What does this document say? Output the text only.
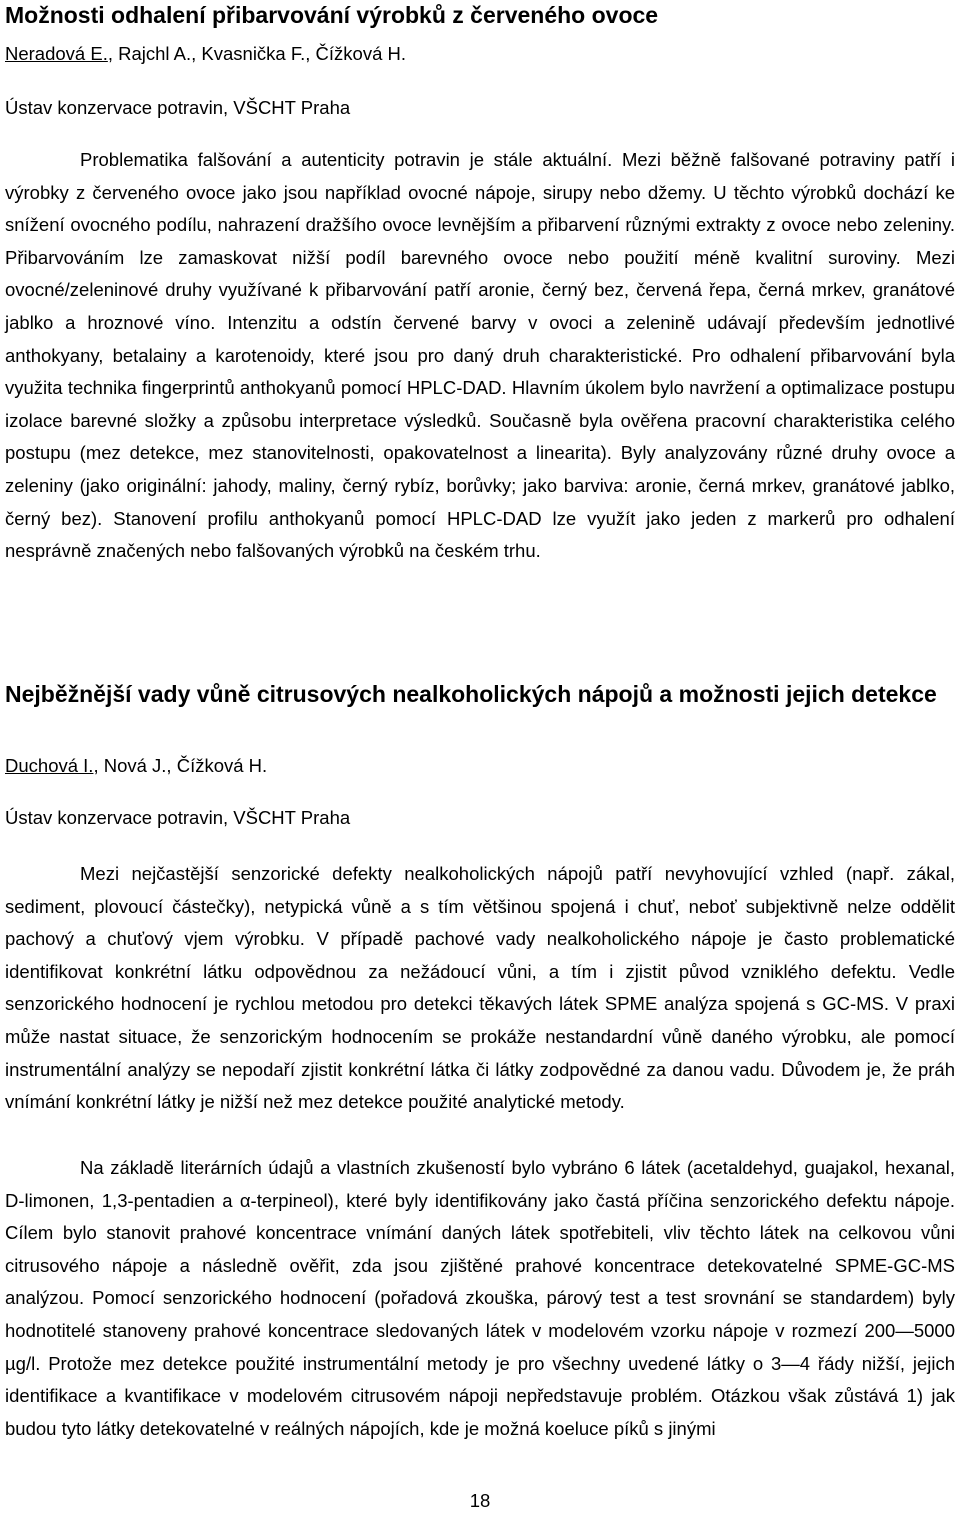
Možnosti odhalení přibarvování výrobků z červeného ovoce

Neradová E., Rajchl A., Kvasnička F., Čížková H.

Ústav konzervace potravin, VŠCHT Praha

Problematika falšování a autenticity potravin je stále aktuální. Mezi běžně falšované potraviny patří i výrobky z červeného ovoce jako jsou například ovocné nápoje, sirupy nebo džemy. U těchto výrobků dochází ke snížení ovocného podílu, nahrazení dražšího ovoce levnějším a přibarvení různými extrakty z ovoce nebo zeleniny. Přibarvováním lze zamaskovat nižší podíl barevného ovoce nebo použití méně kvalitní suroviny. Mezi ovocné/zeleninové druhy využívané k přibarvování patří aronie, černý bez, červená řepa, černá mrkev, granátové jablko a hroznové víno. Intenzitu a odstín červené barvy v ovoci a zelenině udávají především jednotlivé anthokyany, betalainy a karotenoidy, které jsou pro daný druh charakteristické. Pro odhalení přibarvování byla využita technika fingerprintů anthokyanů pomocí HPLC-DAD. Hlavním úkolem bylo navržení a optimalizace postupu izolace barevné složky a způsobu interpretace výsledků. Současně byla ověřena pracovní charakteristika celého postupu (mez detekce, mez stanovitelnosti, opakovatelnost a linearita). Byly analyzovány různé druhy ovoce a zeleniny (jako originální: jahody, maliny, černý rybíz, borůvky; jako barviva: aronie, černá mrkev, granátové jablko, černý bez). Stanovení profilu anthokyanů pomocí HPLC-DAD lze využít jako jeden z markerů pro odhalení nesprávně značených nebo falšovaných výrobků na českém trhu.

Nejběžnější vady vůně citrusových nealkoholických nápojů a možnosti jejich detekce

Duchová I., Nová J., Čížková H.

Ústav konzervace potravin, VŠCHT Praha

Mezi nejčastější senzorické defekty nealkoholických nápojů patří nevyhovující vzhled (např. zákal, sediment, plovoucí částečky), netypická vůně a s tím většinou spojená i chuť, neboť subjektivně nelze oddělit pachový a chuťový vjem výrobku. V případě pachové vady nealkoholického nápoje je často problematické identifikovat konkrétní látku odpovědnou za nežádoucí vůni, a tím i zjistit původ vzniklého defektu. Vedle senzorického hodnocení je rychlou metodou pro detekci těkavých látek SPME analýza spojená s GC-MS. V praxi může nastat situace, že senzorickým hodnocením se prokáže nestandardní vůně daného výrobku, ale pomocí instrumentální analýzy se nepodaří zjistit konkrétní látka či látky zodpovědné za danou vadu. Důvodem je, že práh vnímání konkrétní látky je nižší než mez detekce použité analytické metody.

Na základě literárních údajů a vlastních zkušeností bylo vybráno 6 látek (acetaldehyd, guajakol, hexanal, D-limonen, 1,3-pentadien a α-terpineol), které byly identifikovány jako častá příčina senzorického defektu nápoje. Cílem bylo stanovit prahové koncentrace vnímání daných látek spotřebiteli, vliv těchto látek na celkovou vůni citrusového nápoje a následně ověřit, zda jsou zjištěné prahové koncentrace detekovatelné SPME-GC-MS analýzou. Pomocí senzorického hodnocení (pořadová zkouška, párový test a test srovnání se standardem) byly hodnotitelé stanoveny prahové koncentrace sledovaných látek v modelovém vzorku nápoje v rozmezí 200—5000 µg/l. Protože mez detekce použité instrumentální metody je pro všechny uvedené látky o 3—4 řády nižší, jejich identifikace a kvantifikace v modelovém citrusovém nápoji nepředstavuje problém. Otázkou však zůstává 1) jak budou tyto látky detekovatelné v reálných nápojích, kde je možná koeluce píků s jinými

18
